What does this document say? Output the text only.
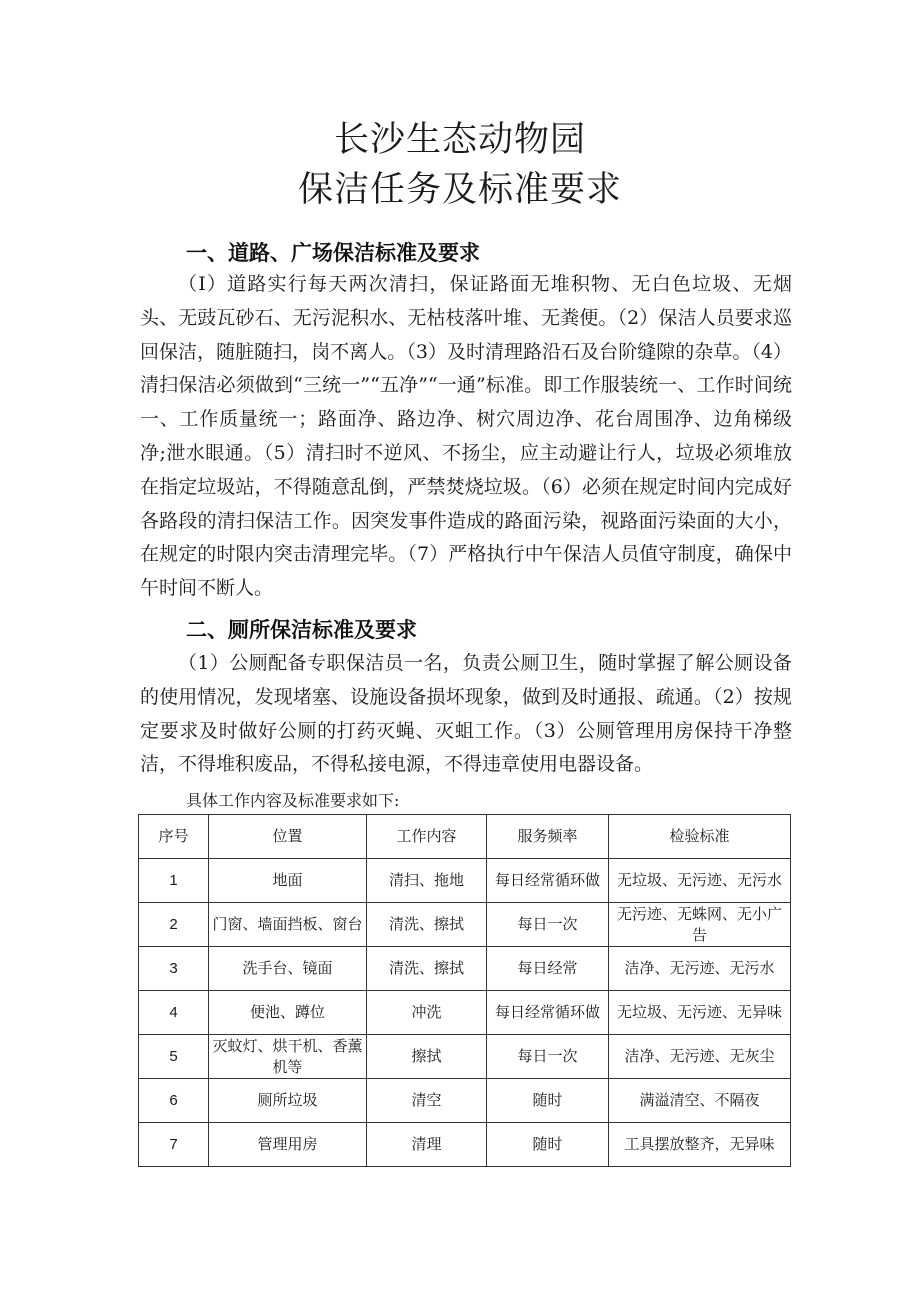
长沙生态动物园
保洁任务及标准要求
一、道路、广场保洁标准及要求
（I）道路实行每天两次清扫，保证路面无堆积物、无白色垃圾、无烟头、无豉瓦砂石、无污泥积水、无枯枝落叶堆、无粪便。（2）保洁人员要求巡回保洁，随脏随扫，岗不离人。（3）及时清理路沿石及台阶缝隙的杂草。（4）清扫保洁必须做到“三统一”“五净”“一通”标准。即工作服装统一、工作时间统一、工作质量统一；路面净、路边净、树穴周边净、花台周围净、边角梯级净;泄水眼通。（5）清扫时不逆风、不扬尘，应主动避让行人，垃圾必须堆放在指定垃圾站，不得随意乱倒，严禁焚烧垃圾。（6）必须在规定时间内完成好各路段的清扫保洁工作。因突发事件造成的路面污染，视路面污染面的大小，在规定的时限内突击清理完毕。（7）严格执行中午保洁人员值守制度，确保中午时间不断人。
二、厕所保洁标准及要求
（1）公厕配备专职保洁员一名，负责公厕卫生，随时掌握了解公厕设备的使用情况，发现堵塞、设施设备损坏现象，做到及时通报、疏通。（2）按规定要求及时做好公厕的打药灭蝇、灭蛆工作。（3）公厕管理用房保持干净整洁，不得堆积废品，不得私接电源，不得违章使用电器设备。
具体工作内容及标准要求如下:
序号	位置	工作内容	服务频率	检验标准
1	地面	清扫、拖地	每日经常循环做	无垃圾、无污迹、无污水
2	门窗、墙面挡板、窗台	清洗、擦拭	每日一次	无污迹、无蛛网、无小广告
3	洗手台、镜面	清洗、擦拭	每日经常	洁净、无污迹、无污水
4	便池、蹲位	冲洗	每日经常循环做	无垃圾、无污迹、无异味
5	灭蚊灯、烘干机、香薰机等	擦拭	每日一次	洁净、无污迹、无灰尘
6	厕所垃圾	清空	随时	满溢清空、不隔夜
7	管理用房	清理	随时	工具摆放整齐，无异味
